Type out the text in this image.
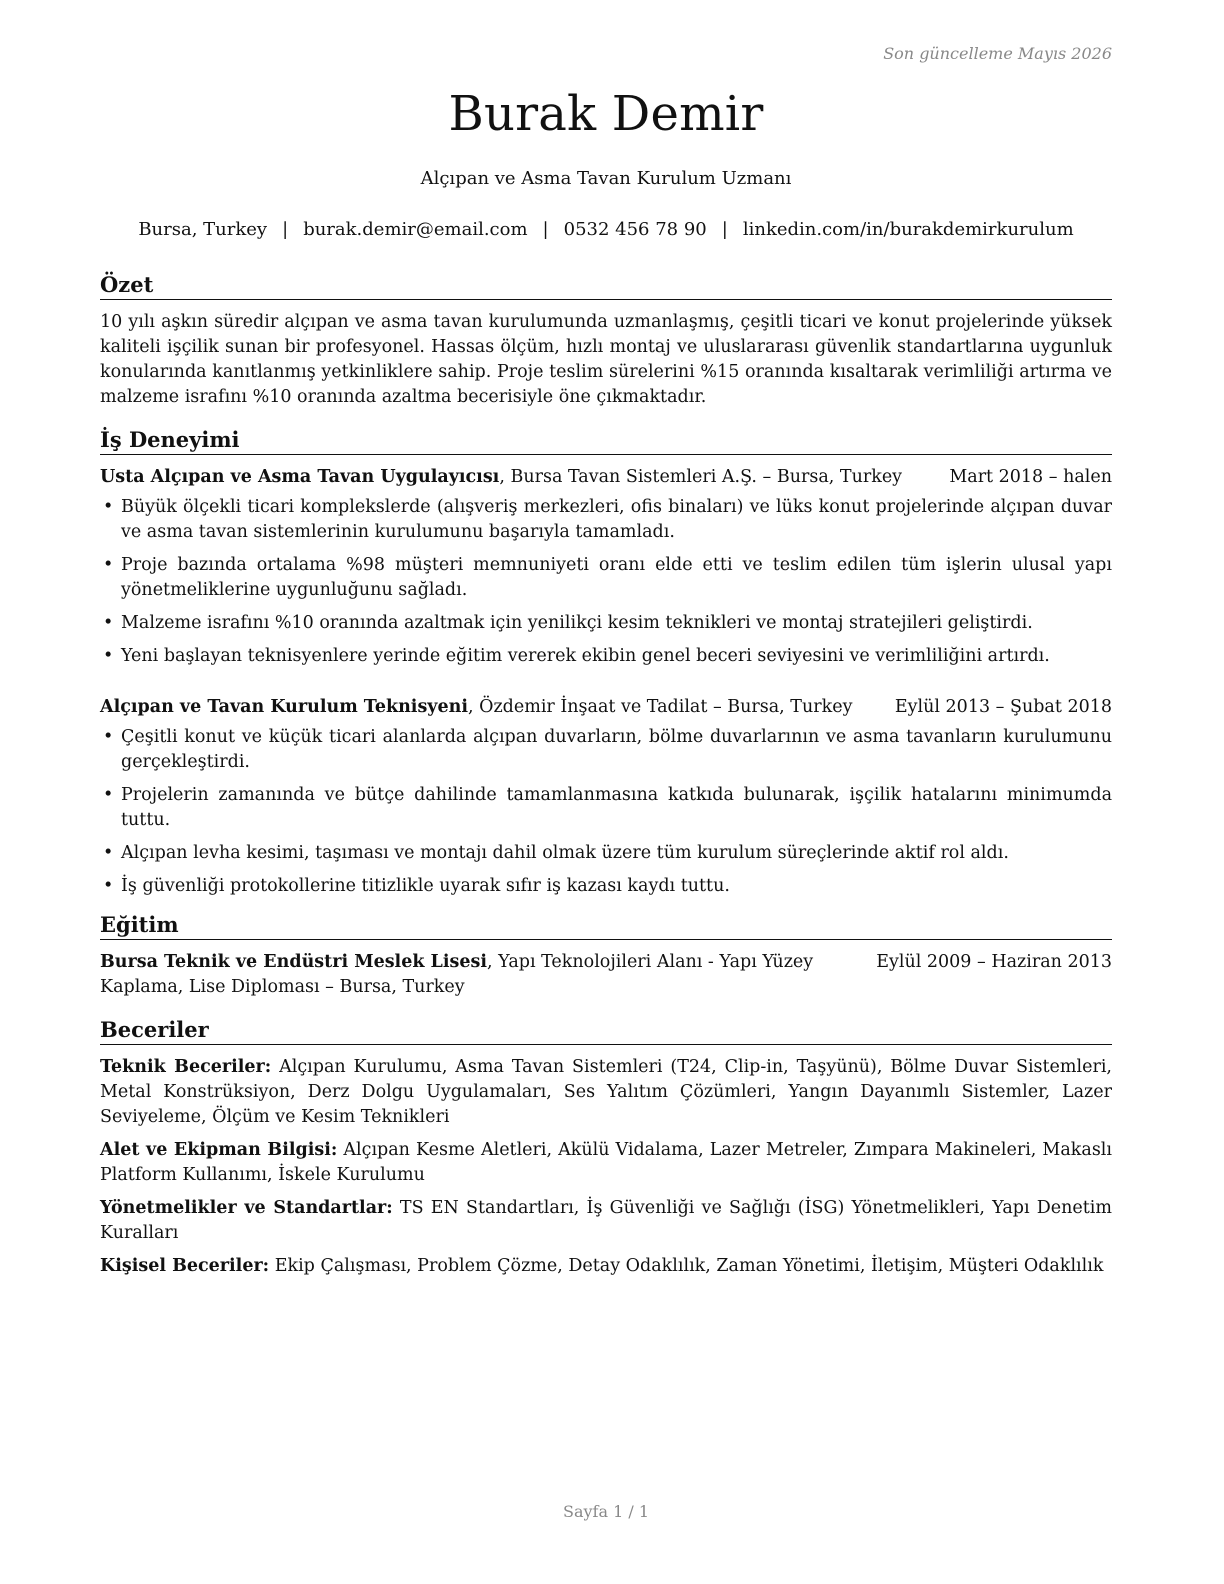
Son güncelleme Mayıs 2026
Burak Demir
Alçıpan ve Asma Tavan Kurulum Uzmanı
Bursa, Turkey | burak.demir@email.com | 0532 456 78 90 | linkedin.com/in/burakdemirkurulum
Özet

10 yılı aşkın süredir alçıpan ve asma tavan kurulumunda uzmanlaşmış, çeşitli ticari ve konut projelerinde yüksek kaliteli işçilik sunan bir profesyonel. Hassas ölçüm, hızlı montaj ve uluslararası güvenlik standartlarına uygunluk konularında kanıtlanmış yetkinliklere sahip. Proje teslim sürelerini %15 oranında kısaltarak verimliliği artırma ve malzeme israfını %10 oranında azaltma becerisiyle öne çıkmaktadır.

İş Deneyimi
Usta Alçıpan ve Asma Tavan Uygulayıcısı, Bursa Tavan Sistemleri A.Ş. – Bursa, Turkey	Mart 2018 – halen
• Büyük ölçekli ticari komplekslerde (alışveriş merkezleri, ofis binaları) ve lüks konut projelerinde alçıpan duvar ve asma tavan sistemlerinin kurulumunu başarıyla tamamladı.
• Proje bazında ortalama %98 müşteri memnuniyeti oranı elde etti ve teslim edilen tüm işlerin ulusal yapı yönetmeliklerine uygunluğunu sağladı.
• Malzeme israfını %10 oranında azaltmak için yenilikçi kesim teknikleri ve montaj stratejileri geliştirdi.
• Yeni başlayan teknisyenlere yerinde eğitim vererek ekibin genel beceri seviyesini ve verimliliğini artırdı.
Alçıpan ve Tavan Kurulum Teknisyeni, Özdemir İnşaat ve Tadilat – Bursa, Turkey Eylül 2013 – Şubat 2018
• Çeşitli konut ve küçük ticari alanlarda alçıpan duvarların, bölme duvarlarının ve asma tavanların kurulumunu gerçekleştirdi.
• Projelerin zamanında ve bütçe dahilinde tamamlanmasına katkıda bulunarak, işçilik hatalarını minimumda tuttu.
• Alçıpan levha kesimi, taşıması ve montajı dahil olmak üzere tüm kurulum süreçlerinde aktif rol aldı.
• İş güvenliği protokollerine titizlikle uyarak sıfır iş kazası kaydı tuttu.
Eğitim
Bursa Teknik ve Endüstri Meslek Lisesi, Yapı Teknolojileri Alanı - Yapı Yüzey Kaplama, Lise Diploması – Bursa, Turkey
Eylül 2009 – Haziran 2013
Beceriler

Teknik Beceriler: Alçıpan Kurulumu, Asma Tavan Sistemleri (T24, Clip-in, Taşyünü), Bölme Duvar Sistemleri, Metal Konstrüksiyon, Derz Dolgu Uygulamaları, Ses Yalıtım Çözümleri, Yangın Dayanımlı Sistemler, Lazer Seviyeleme, Ölçüm ve Kesim Teknikleri

Alet ve Ekipman Bilgisi: Alçıpan Kesme Aletleri, Akülü Vidalama, Lazer Metreler, Zımpara Makineleri, Makaslı Platform Kullanımı, İskele Kurulumu

Yönetmelikler ve Standartlar: TS EN Standartları, İş Güvenliği ve Sağlığı (İSG) Yönetmelikleri, Yapı Denetim Kuralları

Kişisel Beceriler: Ekip Çalışması, Problem Çözme, Detay Odaklılık, Zaman Yönetimi, İletişim, Müşteri Odaklılık

Sayfa 1 / 1
